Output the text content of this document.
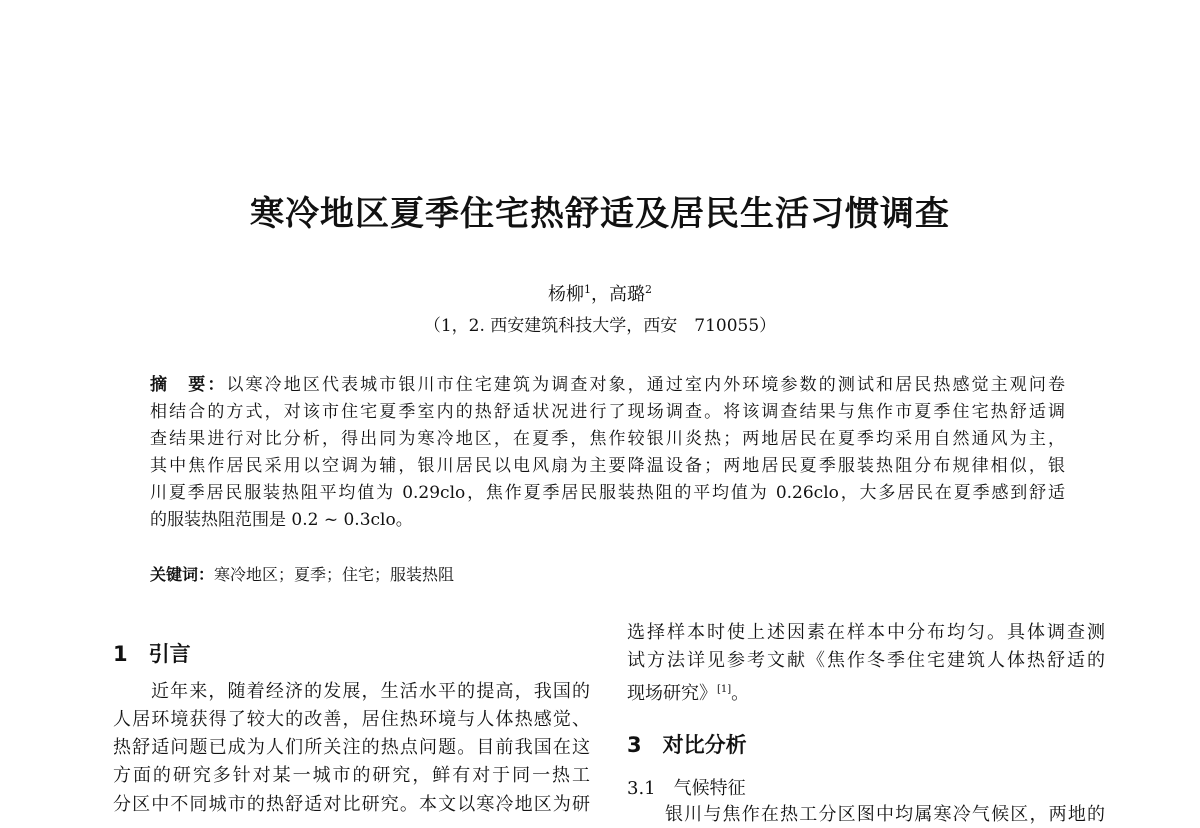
寒冷地区夏季住宅热舒适及居民生活习惯调查
杨柳$^1$，高璐$^2$
（1，2. 西安建筑科技大学，西安　710055）
摘　要：以寒冷地区代表城市银川市住宅建筑为调查对象，通过室内外环境参数的测试和居民热感觉主观问卷
相结合的方式，对该市住宅夏季室内的热舒适状况进行了现场调查。将该调查结果与焦作市夏季住宅热舒适调
查结果进行对比分析，得出同为寒冷地区，在夏季，焦作较银川炎热；两地居民在夏季均采用自然通风为主，
其中焦作居民采用以空调为辅，银川居民以电风扇为主要降温设备；两地居民夏季服装热阻分布规律相似，银
川夏季居民服装热阻平均值为 0.29clo，焦作夏季居民服装热阻的平均值为 0.26clo，大多居民在夏季感到舒适
的服装热阻范围是 0.2 ~ 0.3clo。
关键词：寒冷地区；夏季；住宅；服装热阻
1　引言
近年来，随着经济的发展，生活水平的提高，我国的
人居环境获得了较大的改善，居住热环境与人体热感觉、
热舒适问题已成为人们所关注的热点问题。目前我国在这
方面的研究多针对某一城市的研究，鲜有对于同一热工
分区中不同城市的热舒适对比研究。本文以寒冷地区为研
选择样本时使上述因素在样本中分布均匀。具体调查测
试方法详见参考文献《焦作冬季住宅建筑人体热舒适的
现场研究》[1]。
3　对比分析
3.1　气候特征
银川与焦作在热工分区图中均属寒冷气候区，两地的
